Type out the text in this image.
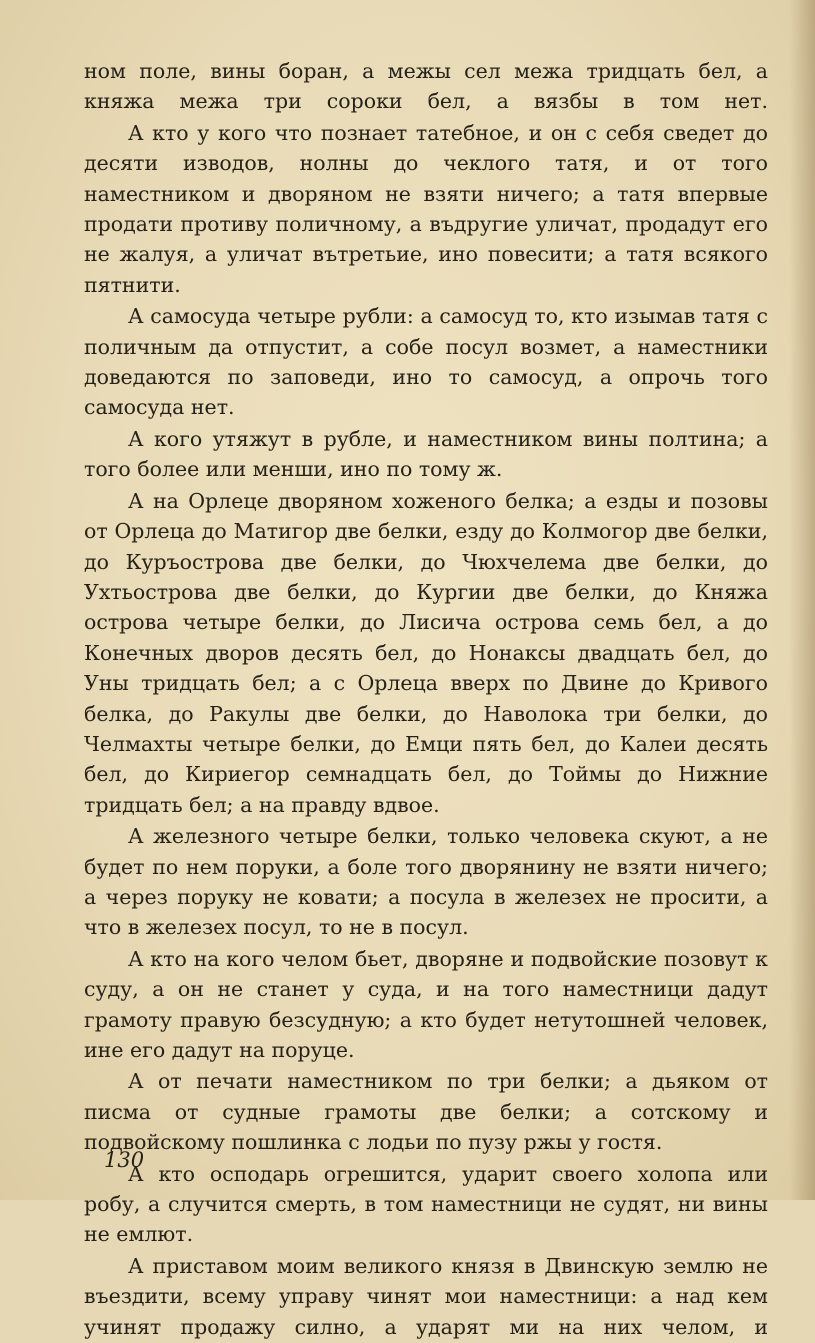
ном поле, вины боран, а межы сел межа тридцать бел, а княжа межа три сороки бел, а вязбы в том нет.

А кто у кого что познает татебное, и он с себя сведет до десяти изводов, нолны до чеклого татя, и от того наместником и дворяном не взяти ничего; а татя впервые продати противу поличному, а въдругие уличат, продадут его не жалуя, а уличат вътретьие, ино повесити; а татя всякого пятнити.

А самосуда четыре рубли: а самосуд то, кто изымав татя с поличным да отпустит, а собе посул возмет, а наместники доведаются по заповеди, ино то самосуд, а опрочь того самосуда нет.

А кого утяжут в рубле, и наместником вины полтина; а того более или менши, ино по тому ж.

А на Орлеце дворяном хоженого белка; а езды и позовы от Орлеца до Матигор две белки, езду до Колмогор две белки, до Куръострова две белки, до Чюхчелема две белки, до Ухтьострова две белки, до Кургии две белки, до Княжа острова четыре белки, до Лисича острова семь бел, а до Конечных дворов десять бел, до Нонаксы двадцать бел, до Уны тридцать бел; а с Орлеца вверх по Двине до Кривого белка, до Ракулы две белки, до Наволока три белки, до Челмахты четыре белки, до Емци пять бел, до Калеи десять бел, до Кириегор семнадцать бел, до Тоймы до Нижние тридцать бел; а на правду вдвое.

А железного четыре белки, только человека скуют, а не будет по нем поруки, а боле того дворянину не взяти ничего; а через поруку не ковати; а посула в железех не просити, а что в железех посул, то не в посул.

А кто на кого челом бьет, дворяне и подвойские позовут к суду, а он не станет у суда, и на того наместници дадут грамоту правую безсудную; а кто будет нетутошней человек, ине его дадут на поруце.

А от печати наместником по три белки; а дьяком от писма от судные грамоты две белки; а сотскому и подвойскому пошлинка с лодьи по пузу ржы у гостя.

А кто осподарь огрешится, ударит своего холопа или робу, а случится смерть, в том наместници не судят, ни вины не емлют.

А приставом моим великого князя в Двинскую землю не въездити, всему управу чинят мои наместници: а над кем учинят продажу силно, а ударят ми на них челом, и

130
